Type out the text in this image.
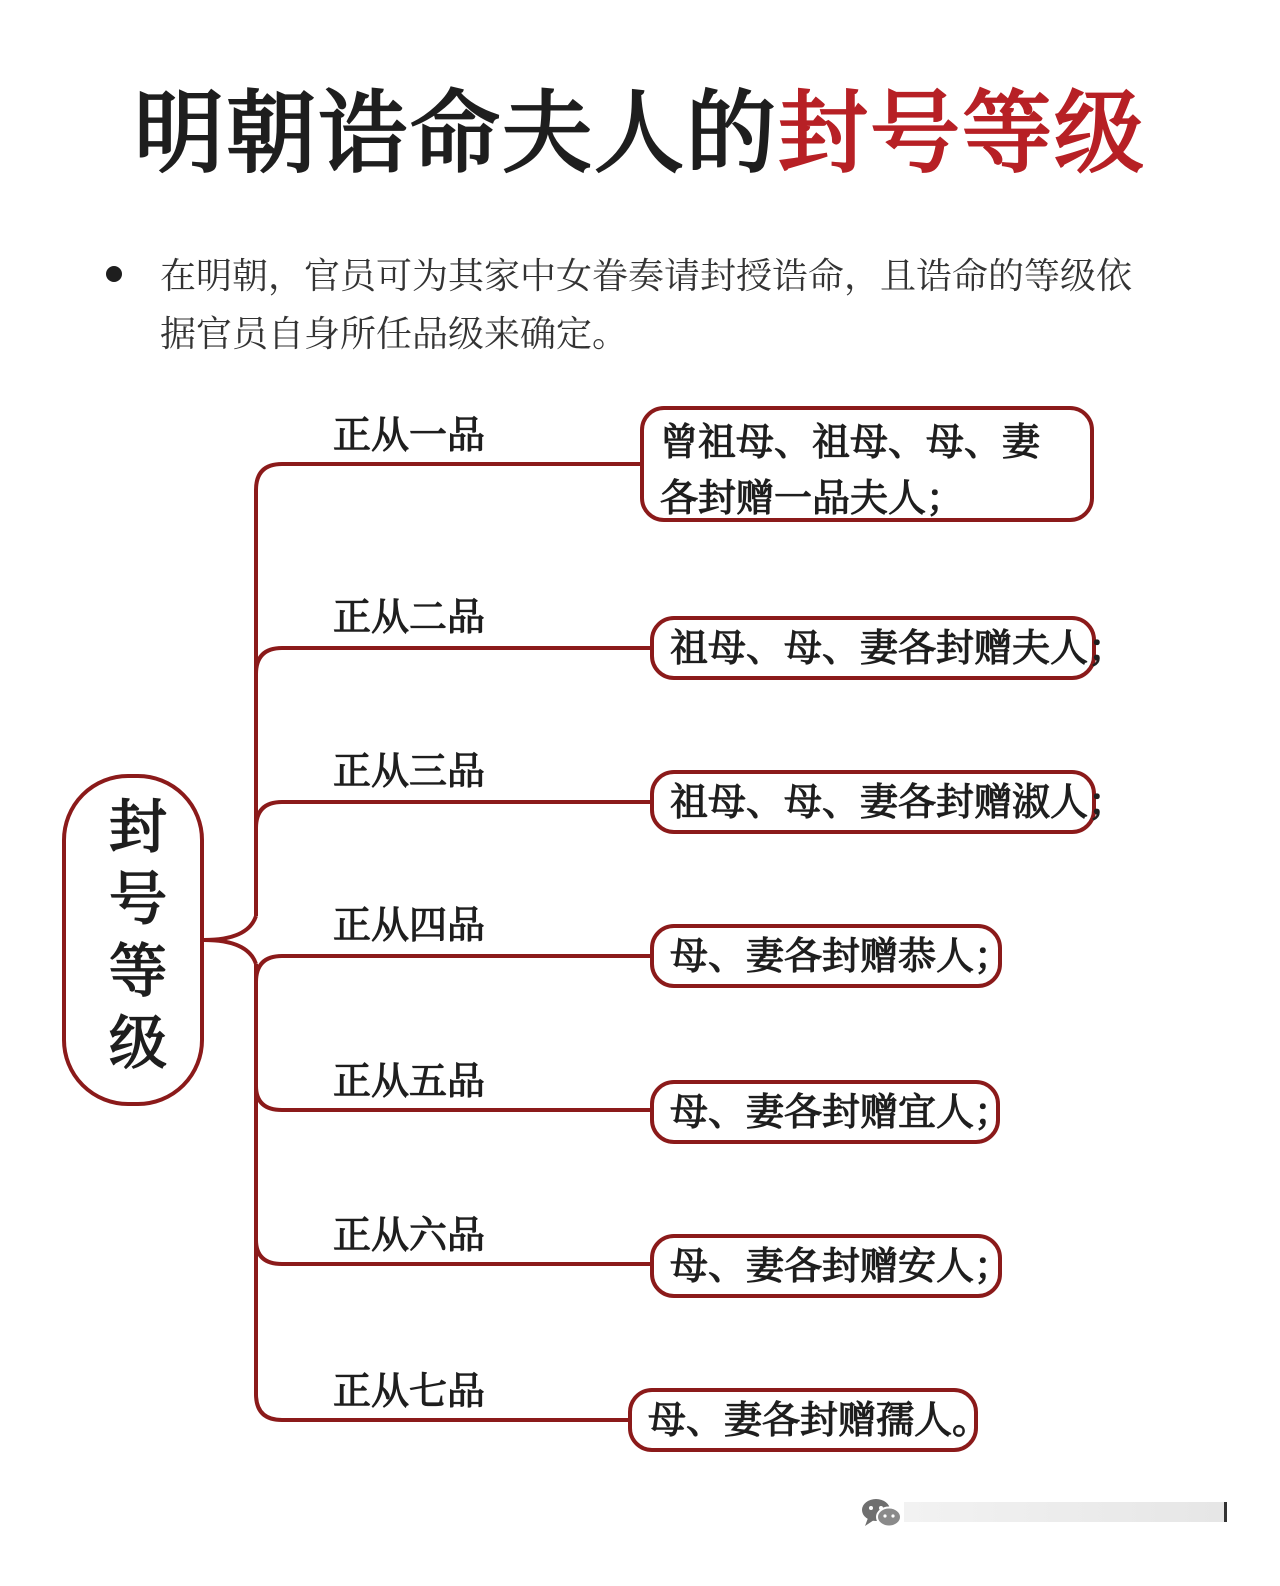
明朝诰命夫人的封号等级
在明朝，官员可为其家中女眷奏请封授诰命，且诰命的等级依据官员自身所任品级来确定。
封号等级
正从一品	曾祖母、祖母、母、妻各封赠一品夫人；
正从二品
祖母、母、妻各封赠夫人；
正从三品
祖母、母、妻各封赠淑人；
正从四品
母、妻各封赠恭人；
正从五品
母、妻各封赠宜人；
正从六品
母、妻各封赠安人；
正从七品
母、妻各封赠孺人。
